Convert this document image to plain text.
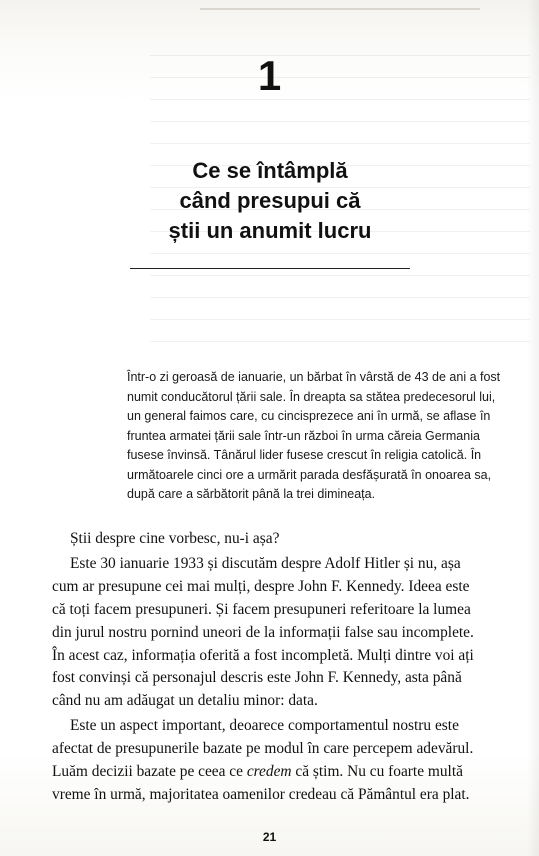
1
Ce se întâmplă
când presupui că
știi un anumit lucru
Într-o zi geroasă de ianuarie, un bărbat în vârstă de 43 de ani a fost
numit conducătorul țării sale. În dreapta sa stătea predecesorul lui,
un general faimos care, cu cincisprezece ani în urmă, se aflase în
fruntea armatei țării sale într-un război în urma căreia Germania
fusese învinsă. Tânărul lider fusese crescut în religia catolică. În
următoarele cinci ore a urmărit parada desfășurată în onoarea sa,
după care a sărbătorit până la trei dimineața.
Știi despre cine vorbesc, nu-i așa?
Este 30 ianuarie 1933 și discutăm despre Adolf Hitler și nu, așa
cum ar presupune cei mai mulți, despre John F. Kennedy. Ideea este
că toți facem presupuneri. Și facem presupuneri referitoare la lumea
din jurul nostru pornind uneori de la informații false sau incomplete.
În acest caz, informația oferită a fost incompletă. Mulți dintre voi ați
fost convinși că personajul descris este John F. Kennedy, asta până
când nu am adăugat un detaliu minor: data.
Este un aspect important, deoarece comportamentul nostru este
afectat de presupunerile bazate pe modul în care percepem adevărul.
Luăm decizii bazate pe ceea ce credem că știm. Nu cu foarte multă
vreme în urmă, majoritatea oamenilor credeau că Pământul era plat.
21
